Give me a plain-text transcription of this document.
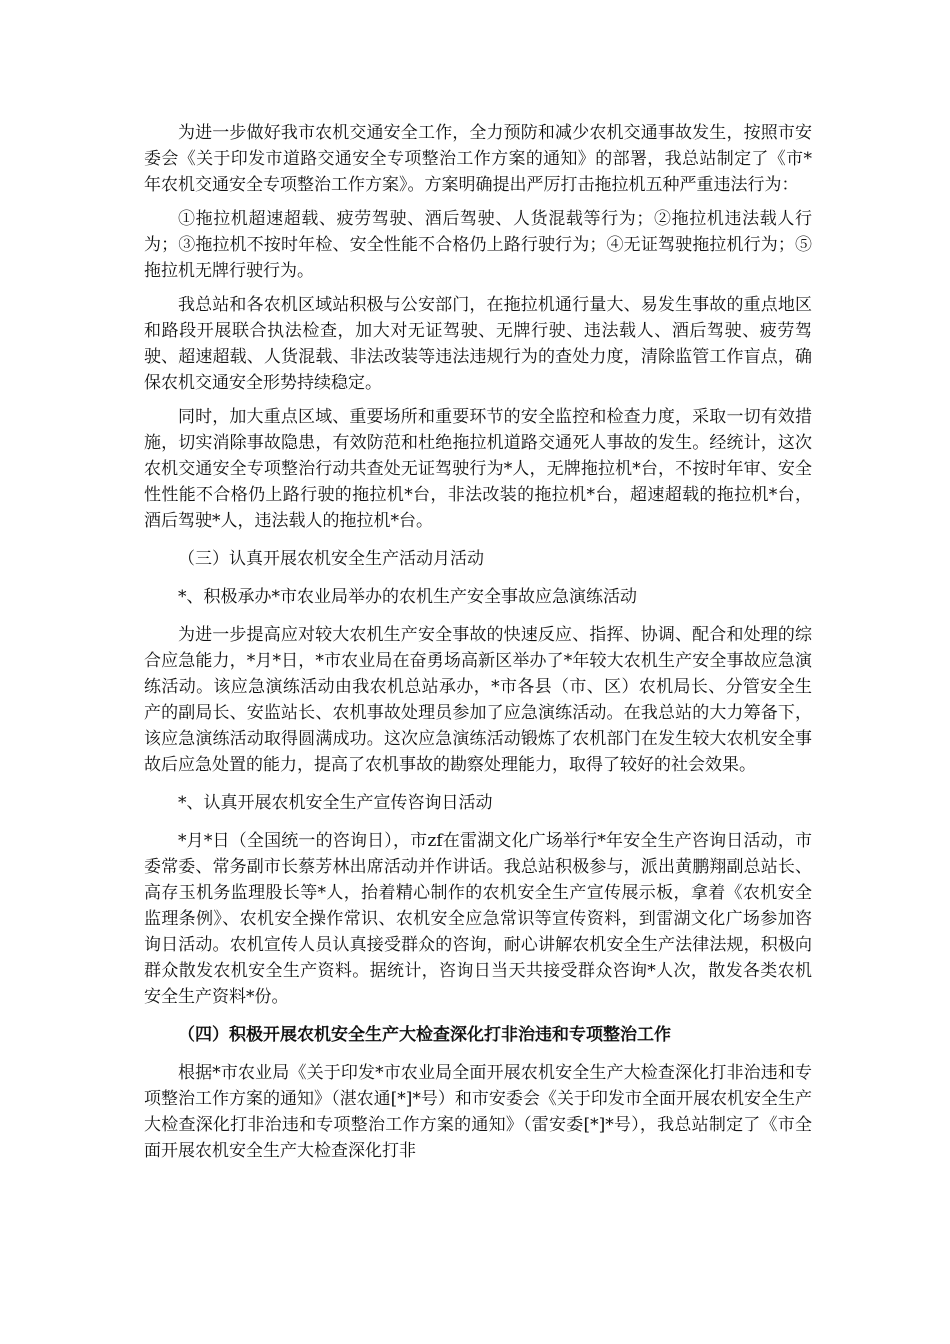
为进一步做好我市农机交通安全工作，全力预防和减少农机交通事故发生，按照市安委会《关于印发市道路交通安全专项整治工作方案的通知》的部署，我总站制定了《市*年农机交通安全专项整治工作方案》。方案明确提出严厉打击拖拉机五种严重违法行为：

①拖拉机超速超载、疲劳驾驶、酒后驾驶、人货混载等行为；②拖拉机违法载人行为；③拖拉机不按时年检、安全性能不合格仍上路行驶行为；④无证驾驶拖拉机行为；⑤拖拉机无牌行驶行为。

我总站和各农机区域站积极与公安部门，在拖拉机通行量大、易发生事故的重点地区和路段开展联合执法检查，加大对无证驾驶、无牌行驶、违法载人、酒后驾驶、疲劳驾驶、超速超载、人货混载、非法改装等违法违规行为的查处力度，清除监管工作盲点，确保农机交通安全形势持续稳定。

同时，加大重点区域、重要场所和重要环节的安全监控和检查力度，采取一切有效措施，切实消除事故隐患，有效防范和杜绝拖拉机道路交通死人事故的发生。经统计，这次农机交通安全专项整治行动共查处无证驾驶行为*人，无牌拖拉机*台，不按时年审、安全性性能不合格仍上路行驶的拖拉机*台，非法改装的拖拉机*台，超速超载的拖拉机*台，酒后驾驶*人，违法载人的拖拉机*台。

（三）认真开展农机安全生产活动月活动

*、积极承办*市农业局举办的农机生产安全事故应急演练活动

为进一步提高应对较大农机生产安全事故的快速反应、指挥、协调、配合和处理的综合应急能力，*月*日，*市农业局在奋勇场高新区举办了*年较大农机生产安全事故应急演练活动。该应急演练活动由我农机总站承办，*市各县（市、区）农机局长、分管安全生产的副局长、安监站长、农机事故处理员参加了应急演练活动。在我总站的大力筹备下，该应急演练活动取得圆满成功。这次应急演练活动锻炼了农机部门在发生较大农机安全事故后应急处置的能力，提高了农机事故的勘察处理能力，取得了较好的社会效果。

*、认真开展农机安全生产宣传咨询日活动

*月*日（全国统一的咨询日），市zf在雷湖文化广场举行*年安全生产咨询日活动，市委常委、常务副市长蔡芳林出席活动并作讲话。我总站积极参与，派出黄鹏翔副总站长、高存玉机务监理股长等*人，抬着精心制作的农机安全生产宣传展示板，拿着《农机安全监理条例》、农机安全操作常识、农机安全应急常识等宣传资料，到雷湖文化广场参加咨询日活动。农机宣传人员认真接受群众的咨询，耐心讲解农机安全生产法律法规，积极向群众散发农机安全生产资料。据统计，咨询日当天共接受群众咨询*人次，散发各类农机安全生产资料*份。

（四）积极开展农机安全生产大检查深化打非治违和专项整治工作

根据*市农业局《关于印发*市农业局全面开展农机安全生产大检查深化打非治违和专项整治工作方案的通知》（湛农通[*]*号）和市安委会《关于印发市全面开展农机安全生产大检查深化打非治违和专项整治工作方案的通知》（雷安委[*]*号），我总站制定了《市全面开展农机安全生产大检查深化打非
